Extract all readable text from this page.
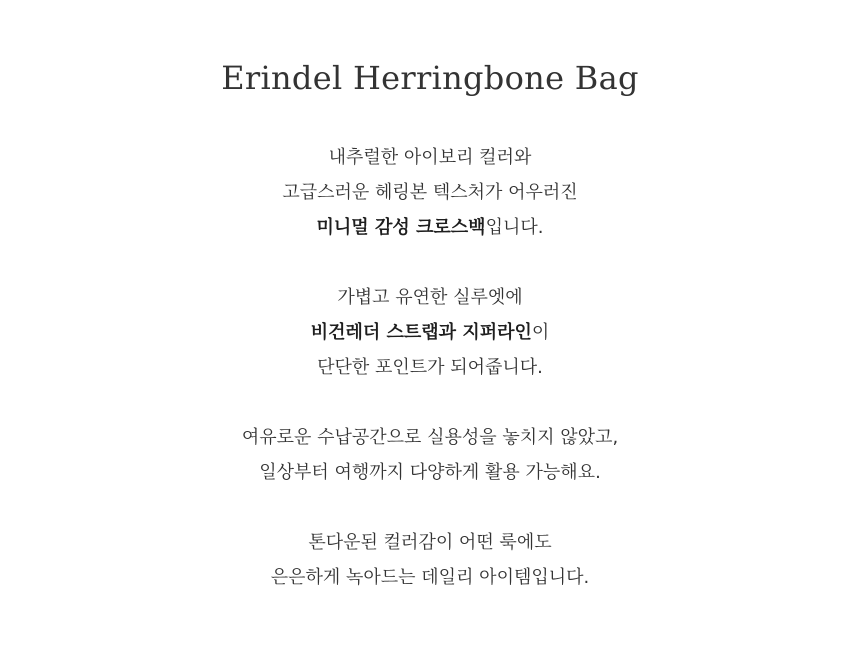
Erindel Herringbone Bag

내추럴한 아이보리 컬러와
고급스러운 헤링본 텍스처가 어우러진
미니멀 감성 크로스백입니다.

가볍고 유연한 실루엣에
비건레더 스트랩과 지퍼라인이
단단한 포인트가 되어줍니다.

여유로운 수납공간으로 실용성을 놓치지 않았고,
일상부터 여행까지 다양하게 활용 가능해요.

톤다운된 컬러감이 어떤 룩에도
은은하게 녹아드는 데일리 아이템입니다.
